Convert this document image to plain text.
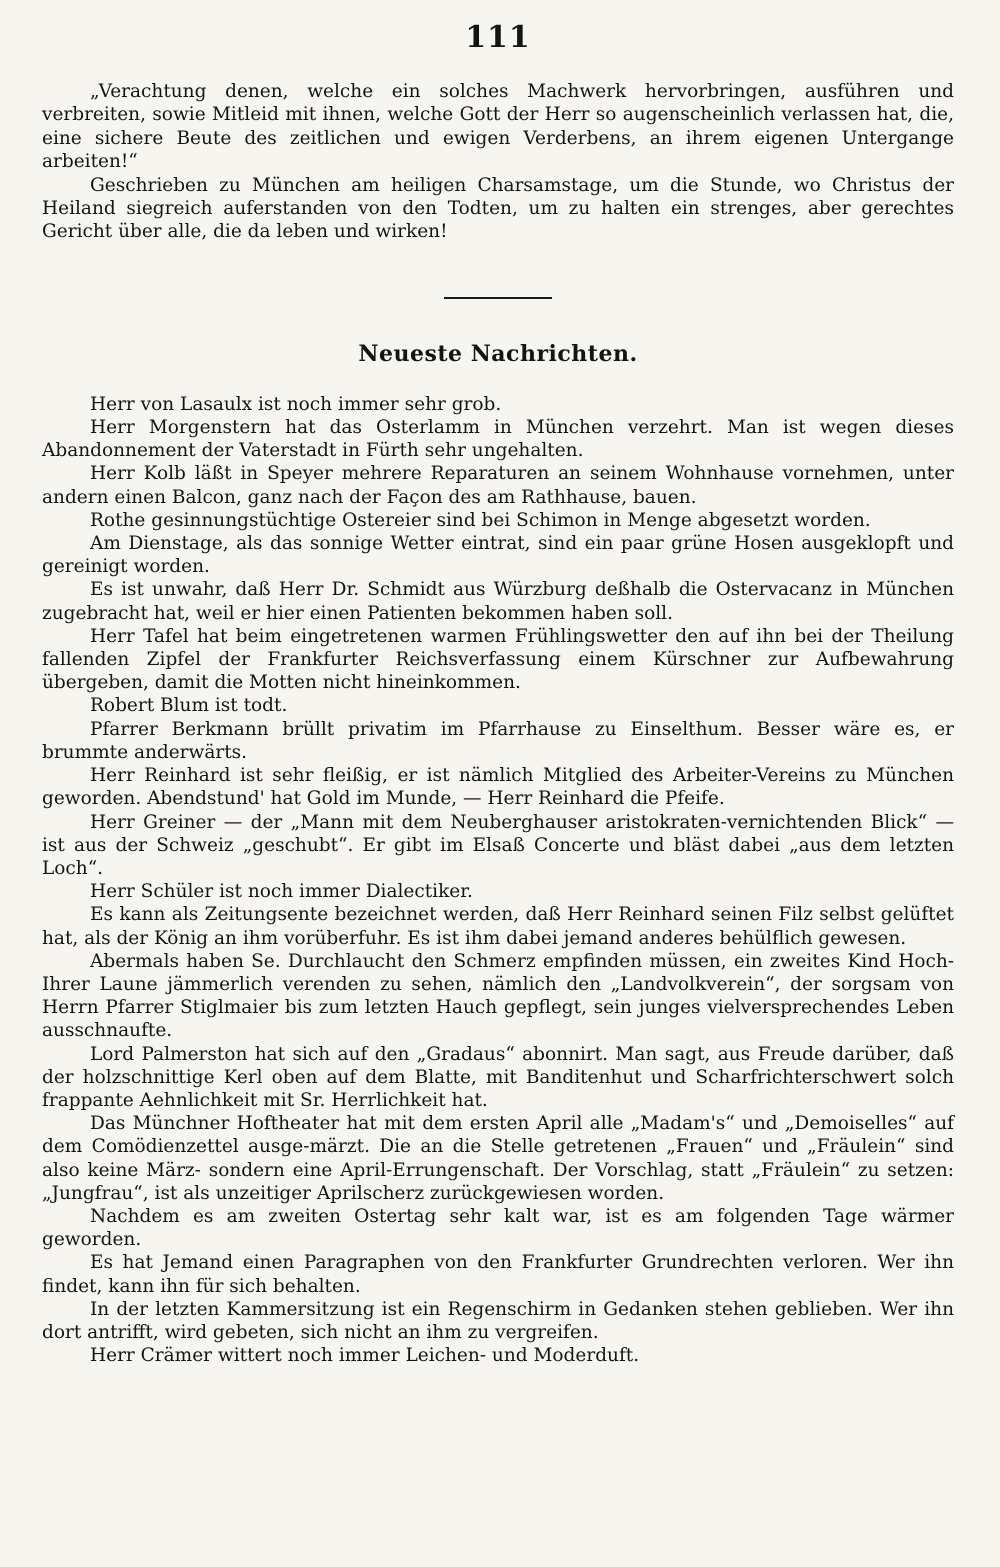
111

„Verachtung denen, welche ein solches Machwerk hervorbringen, ausführen und verbreiten, sowie Mitleid mit ihnen, welche Gott der Herr so augenscheinlich verlassen hat, die, eine sichere Beute des zeitlichen und ewigen Verderbens, an ihrem eigenen Untergange arbeiten!“

Geschrieben zu München am heiligen Charsamstage, um die Stunde, wo Christus der Heiland siegreich auferstanden von den Todten, um zu halten ein strenges, aber gerechtes Gericht über alle, die da leben und wirken!

Neueste Nachrichten.

Herr von Lasaulx ist noch immer sehr grob.

Herr Morgenstern hat das Osterlamm in München verzehrt. Man ist wegen dieses Abandonnement der Vaterstadt in Fürth sehr ungehalten.

Herr Kolb läßt in Speyer mehrere Reparaturen an seinem Wohnhause vornehmen, unter andern einen Balcon, ganz nach der Façon des am Rathhause, bauen.

Rothe gesinnungstüchtige Ostereier sind bei Schimon in Menge abgesetzt worden.

Am Dienstage, als das sonnige Wetter eintrat, sind ein paar grüne Hosen ausgeklopft und gereinigt worden.

Es ist unwahr, daß Herr Dr. Schmidt aus Würzburg deßhalb die Ostervacanz in München zugebracht hat, weil er hier einen Patienten bekommen haben soll.

Herr Tafel hat beim eingetretenen warmen Frühlingswetter den auf ihn bei der Theilung fallenden Zipfel der Frankfurter Reichsverfassung einem Kürschner zur Aufbewahrung übergeben, damit die Motten nicht hineinkommen.

Robert Blum ist todt.

Pfarrer Berkmann brüllt privatim im Pfarrhause zu Einselthum. Besser wäre es, er brummte anderwärts.

Herr Reinhard ist sehr fleißig, er ist nämlich Mitglied des Arbeiter-Vereins zu München geworden. Abendstund' hat Gold im Munde, — Herr Reinhard die Pfeife.

Herr Greiner — der „Mann mit dem Neuberghauser aristokraten-vernichtenden Blick“ — ist aus der Schweiz „geschubt“. Er gibt im Elsaß Concerte und bläst dabei „aus dem letzten Loch“.

Herr Schüler ist noch immer Dialectiker.

Es kann als Zeitungsente bezeichnet werden, daß Herr Reinhard seinen Filz selbst gelüftet hat, als der König an ihm vorüberfuhr. Es ist ihm dabei jemand anderes behülflich gewesen.

Abermals haben Se. Durchlaucht den Schmerz empfinden müssen, ein zweites Kind Hoch-Ihrer Laune jämmerlich verenden zu sehen, nämlich den „Landvolkverein“, der sorgsam von Herrn Pfarrer Stiglmaier bis zum letzten Hauch gepflegt, sein junges vielversprechendes Leben ausschnaufte.

Lord Palmerston hat sich auf den „Gradaus“ abonnirt. Man sagt, aus Freude darüber, daß der holzschnittige Kerl oben auf dem Blatte, mit Banditenhut und Scharfrichterschwert solch frappante Aehnlichkeit mit Sr. Herrlichkeit hat.

Das Münchner Hoftheater hat mit dem ersten April alle „Madam's“ und „Demoiselles“ auf dem Comödienzettel ausge-märzt. Die an die Stelle getretenen „Frauen“ und „Fräulein“ sind also keine März- sondern eine April-Errungenschaft. Der Vorschlag, statt „Fräulein“ zu setzen: „Jungfrau“, ist als unzeitiger Aprilscherz zurückgewiesen worden.

Nachdem es am zweiten Ostertag sehr kalt war, ist es am folgenden Tage wärmer geworden.

Es hat Jemand einen Paragraphen von den Frankfurter Grundrechten verloren. Wer ihn findet, kann ihn für sich behalten.

In der letzten Kammersitzung ist ein Regenschirm in Gedanken stehen geblieben. Wer ihn dort antrifft, wird gebeten, sich nicht an ihm zu vergreifen.

Herr Crämer wittert noch immer Leichen- und Moderduft.
